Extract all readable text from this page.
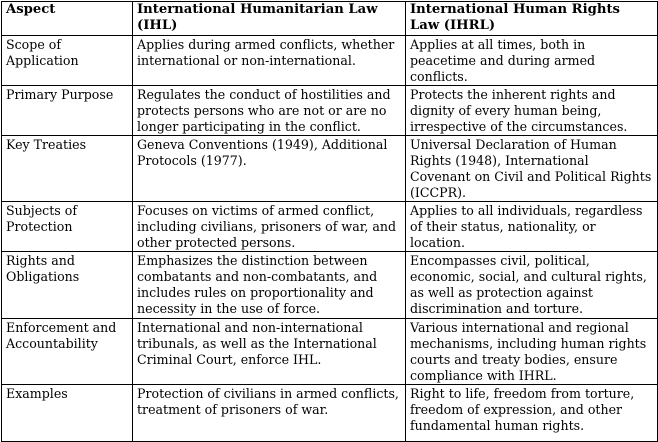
Aspect	International Humanitarian Law (IHL)	International Human Rights Law (IHRL)
Scope of Application	Applies during armed conflicts, whether international or non-international.	Applies at all times, both in peacetime and during armed conflicts.
Primary Purpose	Regulates the conduct of hostilities and protects persons who are not or are no longer participating in the conflict.	Protects the inherent rights and dignity of every human being, irrespective of the circumstances.
Key Treaties	Geneva Conventions (1949), Additional Protocols (1977).	Universal Declaration of Human Rights (1948), International Covenant on Civil and Political Rights (ICCPR).
Subjects of Protection	Focuses on victims of armed conflict, including civilians, prisoners of war, and other protected persons.	Applies to all individuals, regardless of their status, nationality, or location.
Rights and Obligations	Emphasizes the distinction between combatants and non-combatants, and includes rules on proportionality and necessity in the use of force.	Encompasses civil, political, economic, social, and cultural rights, as well as protection against discrimination and torture.
Enforcement and Accountability	International and non-international tribunals, as well as the International Criminal Court, enforce IHL.	Various international and regional mechanisms, including human rights courts and treaty bodies, ensure compliance with IHRL.
Examples	Protection of civilians in armed conflicts, treatment of prisoners of war.	Right to life, freedom from torture, freedom of expression, and other fundamental human rights.
